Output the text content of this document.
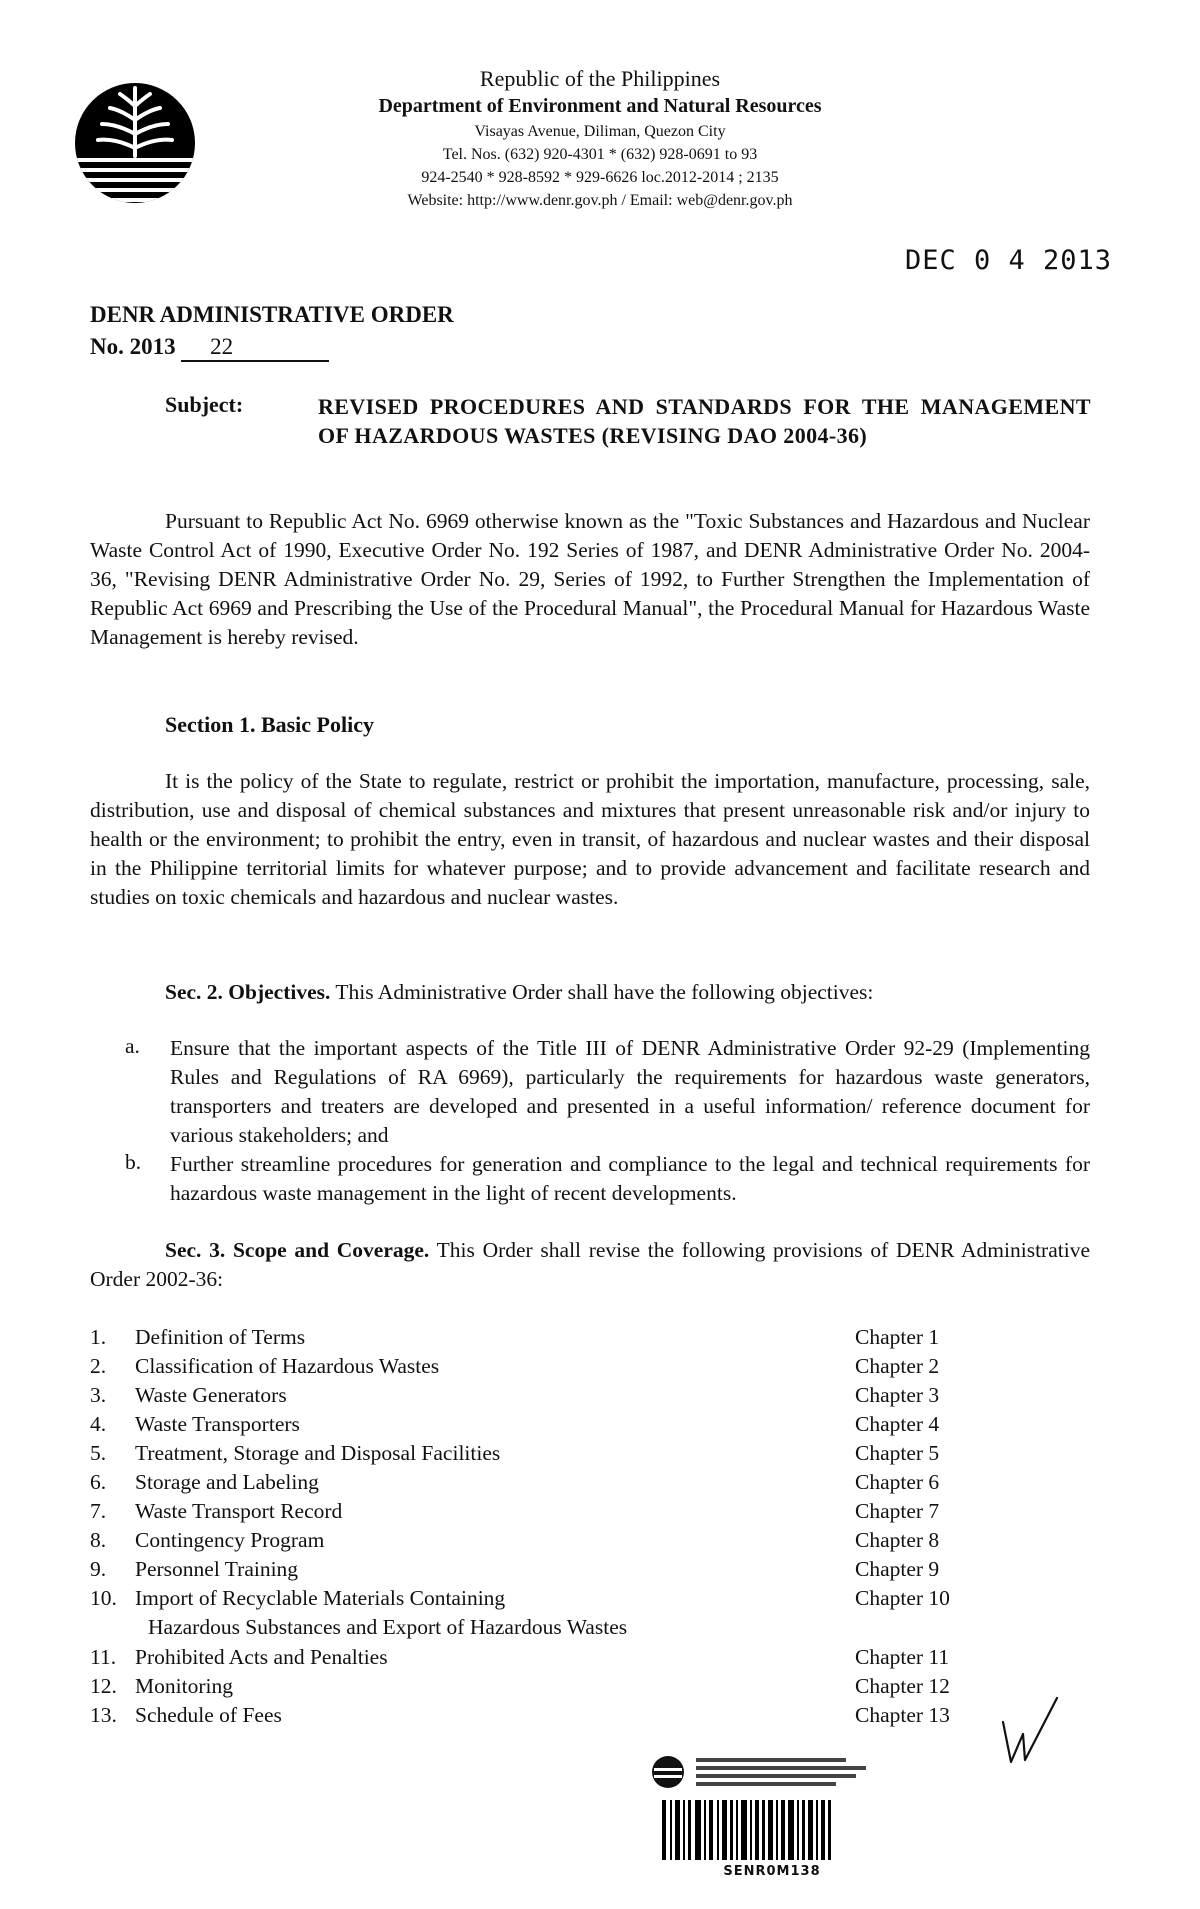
Republic of the Philippines
Department of Environment and Natural Resources
Visayas Avenue, Diliman, Quezon City
Tel. Nos. (632) 920-4301 * (632) 928-0691 to 93
924-2540 * 928-8592 * 929-6626 loc.2012-2014 ; 2135
Website: http://www.denr.gov.ph / Email: web@denr.gov.ph
DEC 0 4 2013
DENR ADMINISTRATIVE ORDER
No. 2013 22
Subject:	REVISED PROCEDURES AND STANDARDS FOR THE MANAGEMENT OF HAZARDOUS WASTES (REVISING DAO 2004-36)
Pursuant to Republic Act No. 6969 otherwise known as the "Toxic Substances and Hazardous and Nuclear Waste Control Act of 1990, Executive Order No. 192 Series of 1987, and DENR Administrative Order No. 2004-36, "Revising DENR Administrative Order No. 29, Series of 1992, to Further Strengthen the Implementation of Republic Act 6969 and Prescribing the Use of the Procedural Manual", the Procedural Manual for Hazardous Waste Management is hereby revised.
Section 1. Basic Policy
It is the policy of the State to regulate, restrict or prohibit the importation, manufacture, processing, sale, distribution, use and disposal of chemical substances and mixtures that present unreasonable risk and/or injury to health or the environment; to prohibit the entry, even in transit, of hazardous and nuclear wastes and their disposal in the Philippine territorial limits for whatever purpose; and to provide advancement and facilitate research and studies on toxic chemicals and hazardous and nuclear wastes.
Sec. 2. Objectives. This Administrative Order shall have the following objectives:
a. Ensure that the important aspects of the Title III of DENR Administrative Order 92-29 (Implementing Rules and Regulations of RA 6969), particularly the requirements for hazardous waste generators, transporters and treaters are developed and presented in a useful information/ reference document for various stakeholders; and
b. Further streamline procedures for generation and compliance to the legal and technical requirements for hazardous waste management in the light of recent developments.
Sec. 3. Scope and Coverage. This Order shall revise the following provisions of DENR Administrative Order 2002-36:
1.	Definition of Terms	Chapter 1
2.	Classification of Hazardous Wastes	Chapter 2
3.	Waste Generators	Chapter 3
4.	Waste Transporters	Chapter 4
5.	Treatment, Storage and Disposal Facilities	Chapter 5
6.	Storage and Labeling	Chapter 6
7.	Waste Transport Record	Chapter 7
8.	Contingency Program	Chapter 8
9.	Personnel Training	Chapter 9
10. Import of Recyclable Materials Containing	Chapter 10
Hazardous Substances and Export of Hazardous Wastes
11. Prohibited Acts and Penalties	Chapter 11
12. Monitoring	Chapter 12
13. Schedule of Fees	Chapter 13
SENR0M138
